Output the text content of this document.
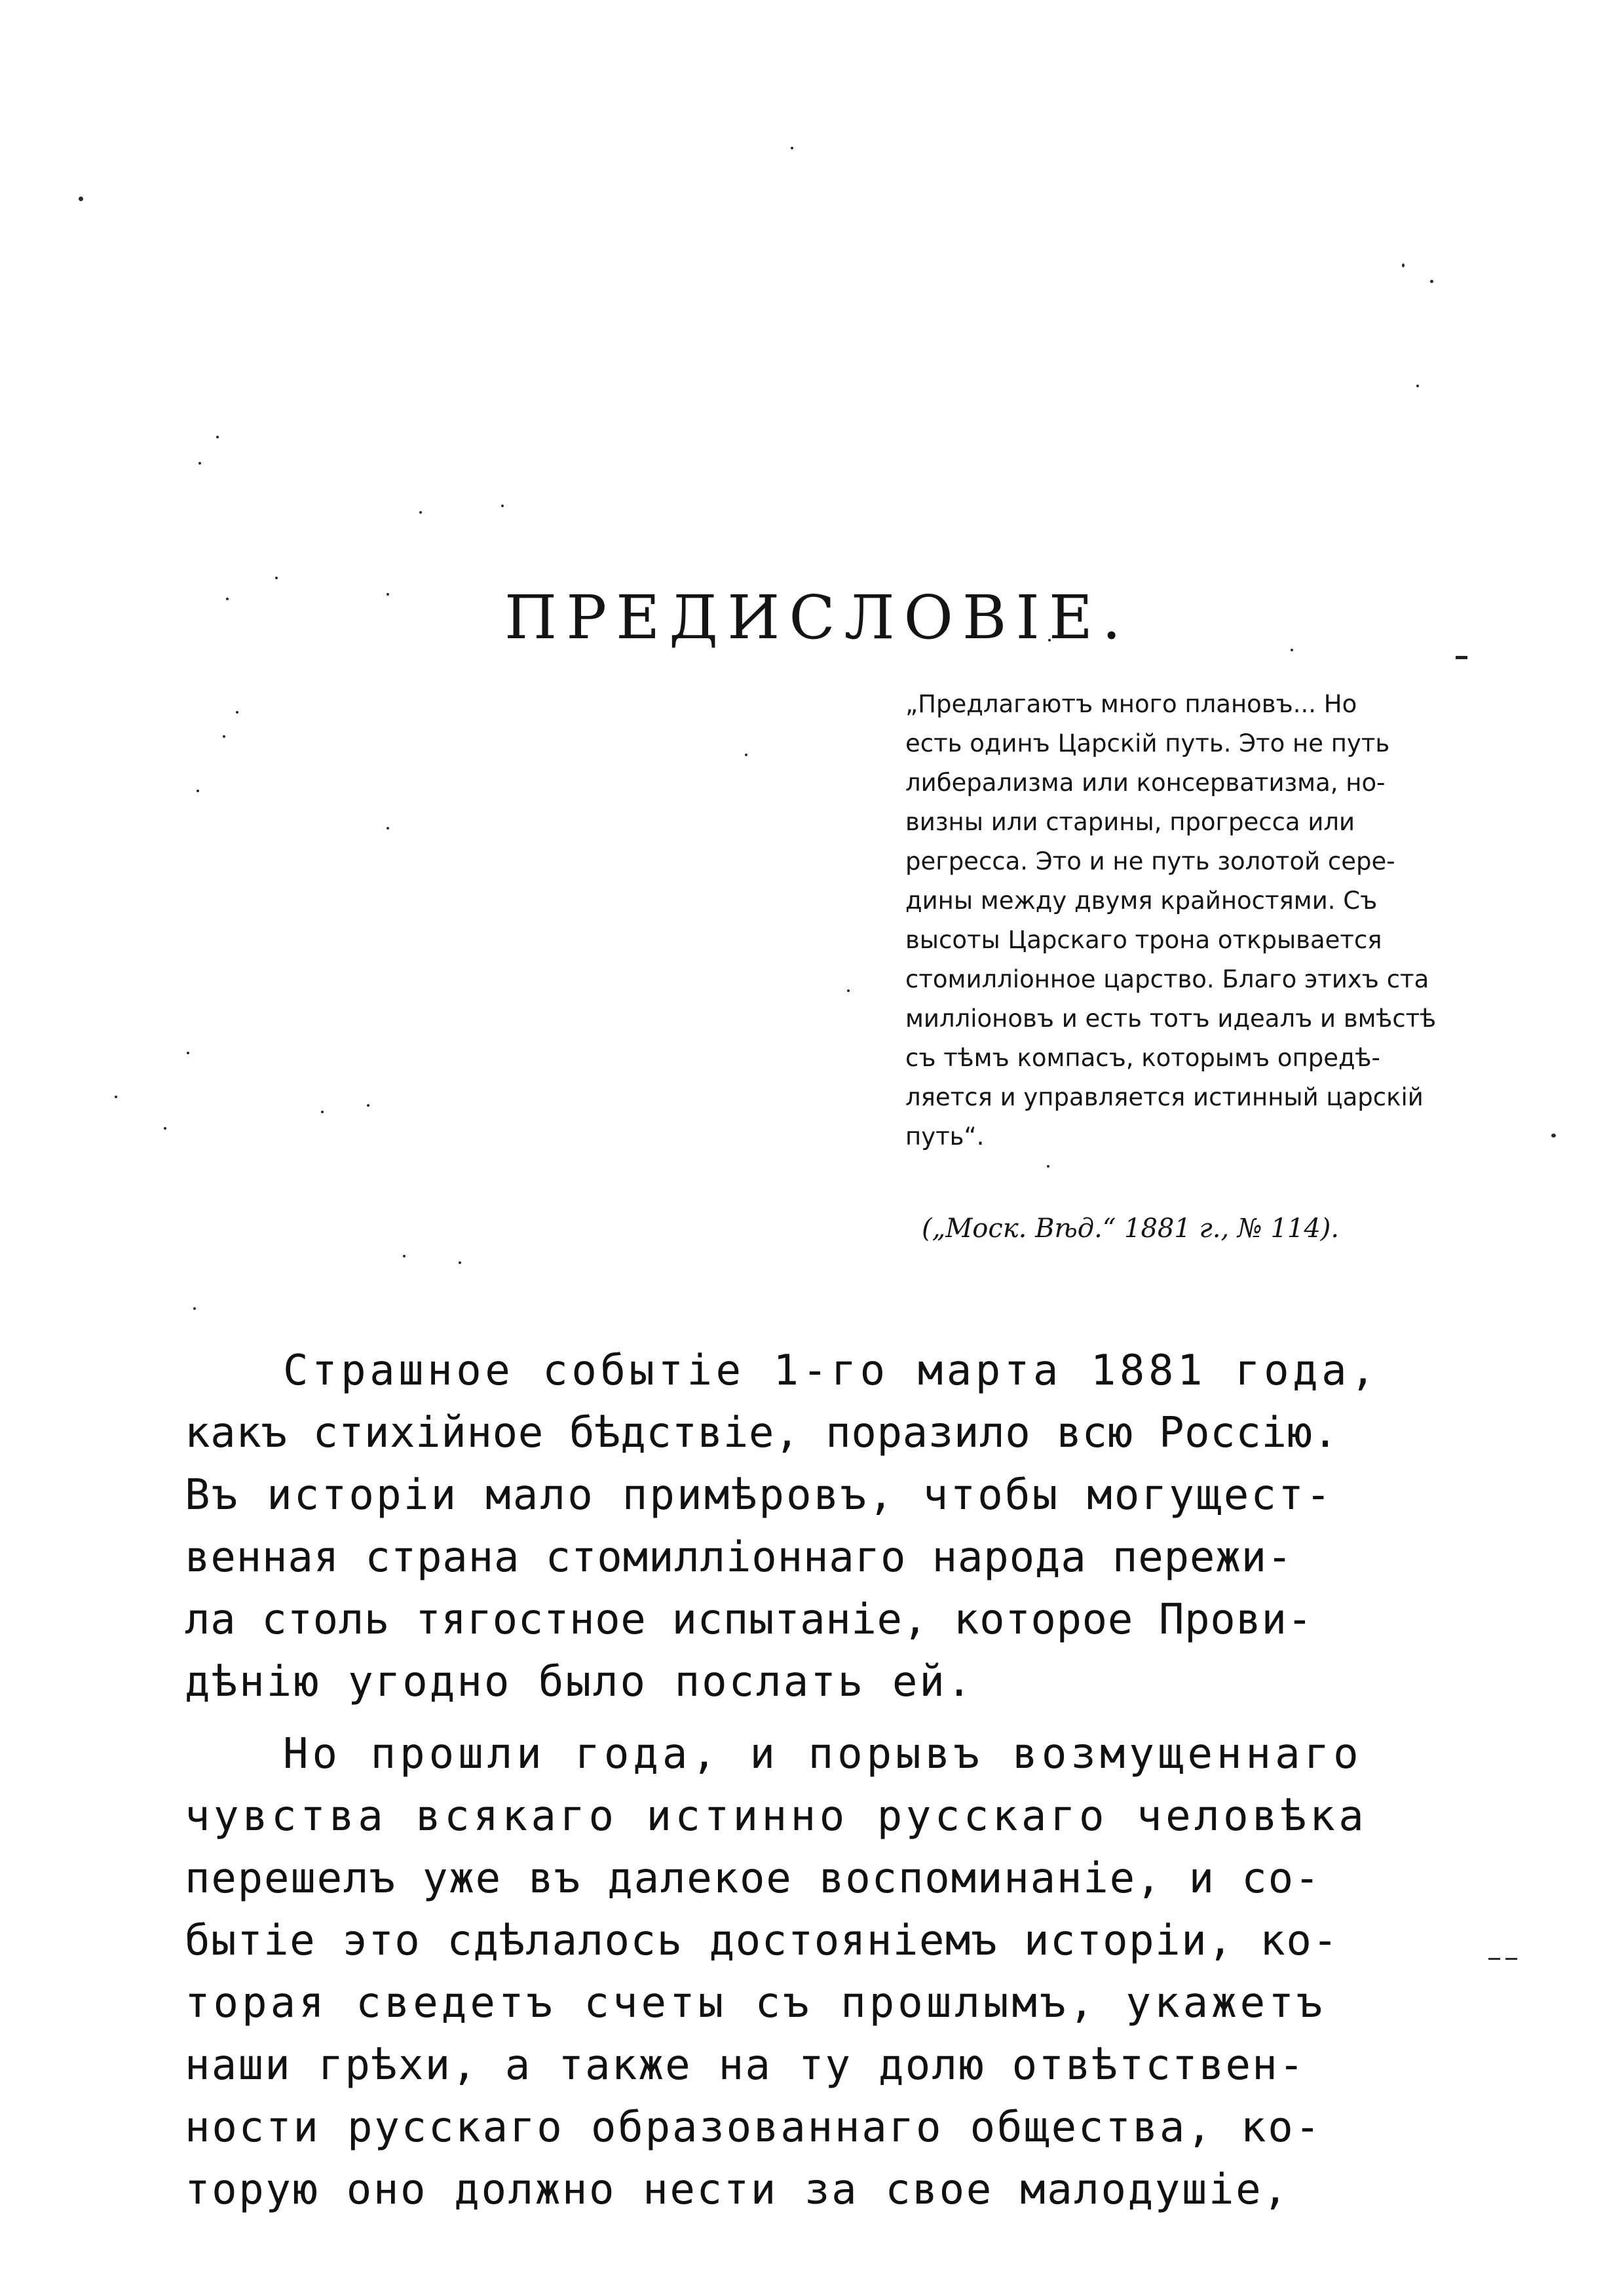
ПРЕДИСЛОВІЕ.
„Предлагаютъ много плановъ... Но
есть одинъ Царскій путь. Это не путь
либерализма или консерватизма, но-
визны или старины, прогресса или
регресса. Это и не путь золотой сере-
дины между двумя крайностями. Съ
высоты Царскаго трона открывается
стомилліонное царство. Благо этихъ ста
милліоновъ и есть тотъ идеалъ и вмѣстѣ
съ тѣмъ компасъ, которымъ опредѣ-
ляется и управляется истинный царскій
путь“.
(„Моск. Вѣд.“ 1881 г., № 114).
Страшное событіе 1-го марта 1881 года,
какъ стихійное бѣдствіе, поразило всю Россію.
Въ исторіи мало примѣровъ, чтобы могущест-
венная страна стомилліоннаго народа пережи-
ла столь тягостное испытаніе, которое Прови-
дѣнію угодно было послать ей.
Но прошли года, и порывъ возмущеннаго
чувства всякаго истинно русскаго человѣка
перешелъ уже въ далекое воспоминаніе, и со-
бытіе это сдѣлалось достояніемъ исторіи, ко-
торая сведетъ счеты съ прошлымъ, укажетъ
наши грѣхи, а также на ту долю отвѣтствен-
ности русскаго образованнаго общества, ко-
торую оно должно нести за свое малодушіе,
